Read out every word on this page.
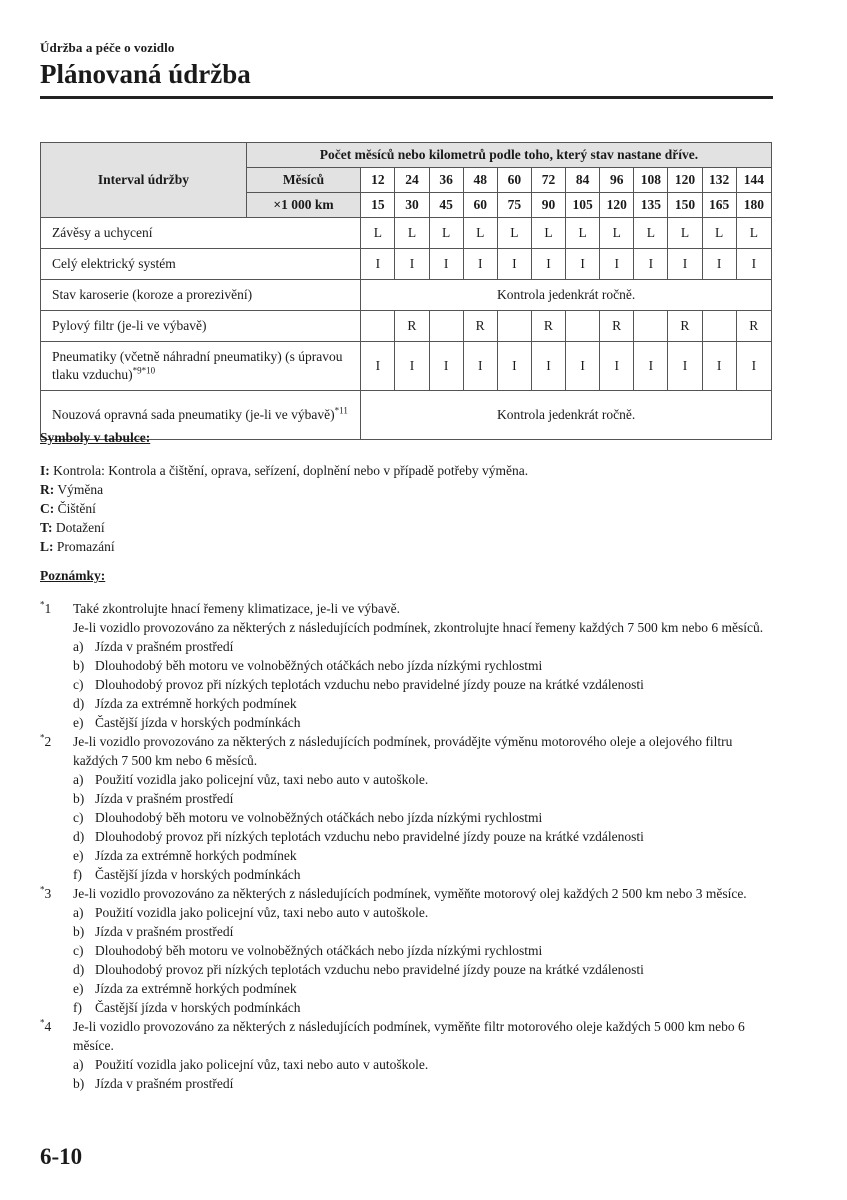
Údržba a péče o vozidlo
Plánovaná údržba
Interval údržby	Počet měsíců nebo kilometrů podle toho, který stav nastane dříve.												
	Měsíců	12	24	36	48	60	72	84	96	108	120	132	144
	×1 000 km	15	30	45	60	75	90	105	120	135	150	165	180
Závěsy a uchycení		L	L	L	L	L	L	L	L	L	L	L	L
Celý elektrický systém		I	I	I	I	I	I	I	I	I	I	I	I
Stav karoserie (koroze a prorezivění)		Kontrola jedenkrát ročně.											
Pylový filtr (je-li ve výbavě)			R		R		R		R		R		R
Pneumatiky (včetně náhradní pneumatiky) (s úpravou tlaku vzduchu)$^{*9*10}$		I	I	I	I	I	I	I	I	I	I	I	I
Nouzová opravná sada pneumatiky (je-li ve výbavě)$^{*11}$		Kontrola jedenkrát ročně.											
Symboly v tabulce:
I: Kontrola: Kontrola a čištění, oprava, seřízení, doplnění nebo v případě potřeby výměna.
R: Výměna
C: Čištění
T: Dotažení
L: Promazání
Poznámky:
*1 Také zkontrolujte hnací řemeny klimatizace, je-li ve výbavě.
Je-li vozidlo provozováno za některých z následujících podmínek, zkontrolujte hnací řemeny každých 7 500 km nebo 6 měsíců.
a) Jízda v prašném prostředí
b) Dlouhodobý běh motoru ve volnoběžných otáčkách nebo jízda nízkými rychlostmi
c) Dlouhodobý provoz při nízkých teplotách vzduchu nebo pravidelné jízdy pouze na krátké vzdálenosti
d) Jízda za extrémně horkých podmínek
e) Častější jízda v horských podmínkách
*2 Je-li vozidlo provozováno za některých z následujících podmínek, provádějte výměnu motorového oleje a olejového filtru každých 7 500 km nebo 6 měsíců.
a) Použití vozidla jako policejní vůz, taxi nebo auto v autoškole.
b) Jízda v prašném prostředí
c) Dlouhodobý běh motoru ve volnoběžných otáčkách nebo jízda nízkými rychlostmi
d) Dlouhodobý provoz při nízkých teplotách vzduchu nebo pravidelné jízdy pouze na krátké vzdálenosti
e) Jízda za extrémně horkých podmínek
f) Častější jízda v horských podmínkách
*3 Je-li vozidlo provozováno za některých z následujících podmínek, vyměňte motorový olej každých 2 500 km nebo 3 měsíce.
a) Použití vozidla jako policejní vůz, taxi nebo auto v autoškole.
b) Jízda v prašném prostředí
c) Dlouhodobý běh motoru ve volnoběžných otáčkách nebo jízda nízkými rychlostmi
d) Dlouhodobý provoz při nízkých teplotách vzduchu nebo pravidelné jízdy pouze na krátké vzdálenosti
e) Jízda za extrémně horkých podmínek
f) Častější jízda v horských podmínkách
*4 Je-li vozidlo provozováno za některých z následujících podmínek, vyměňte filtr motorového oleje každých 5 000 km nebo 6 měsíce.
a) Použití vozidla jako policejní vůz, taxi nebo auto v autoškole.
b) Jízda v prašném prostředí
6-10
